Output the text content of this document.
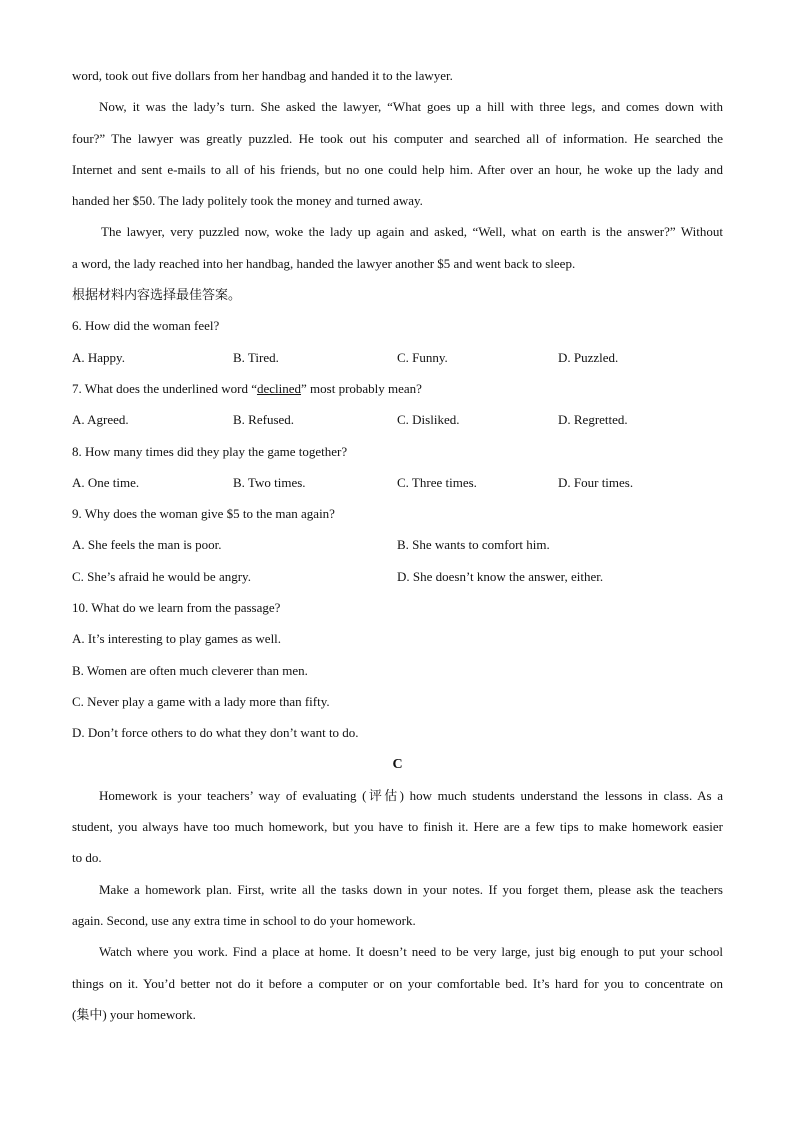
word, took out five dollars from her handbag and handed it to the lawyer.
Now, it was the lady’s turn. She asked the lawyer, “What goes up a hill with three legs, and comes down with
four?” The lawyer was greatly puzzled. He took out his computer and searched all of information. He searched the
Internet and sent e-mails to all of his friends, but no one could help him. After over an hour, he woke up the lady and
handed her $50. The lady politely took the money and turned away.
The lawyer, very puzzled now, woke the lady up again and asked, “Well, what on earth is the answer?” Without
a word, the lady reached into her handbag, handed the lawyer another $5 and went back to sleep.
根据材料内容选择最佳答案。
6. How did the woman feel?
A. Happy.	B. Tired.	C. Funny.	D. Puzzled.
7. What does the underlined word “declined” most probably mean?
A. Agreed.	B. Refused.	C. Disliked.	D. Regretted.
8. How many times did they play the game together?
A. One time.	B. Two times.	C. Three times.	D. Four times.
9. Why does the woman give $5 to the man again?
A. She feels the man is poor.	B. She wants to comfort him.
C. She’s afraid he would be angry.	D. She doesn’t know the answer, either.
10. What do we learn from the passage?
A. It’s interesting to play games as well.
B. Women are often much cleverer than men.
C. Never play a game with a lady more than fifty.
D. Don’t force others to do what they don’t want to do.
C
Homework is your teachers’ way of evaluating (评估) how much students understand the lessons in class. As a
student, you always have too much homework, but you have to finish it. Here are a few tips to make homework easier
to do.
Make a homework plan. First, write all the tasks down in your notes. If you forget them, please ask the teachers
again. Second, use any extra time in school to do your homework.
Watch where you work. Find a place at home. It doesn’t need to be very large, just big enough to put your school
things on it. You’d better not do it before a computer or on your comfortable bed. It’s hard for you to concentrate on
(集中) your homework.
